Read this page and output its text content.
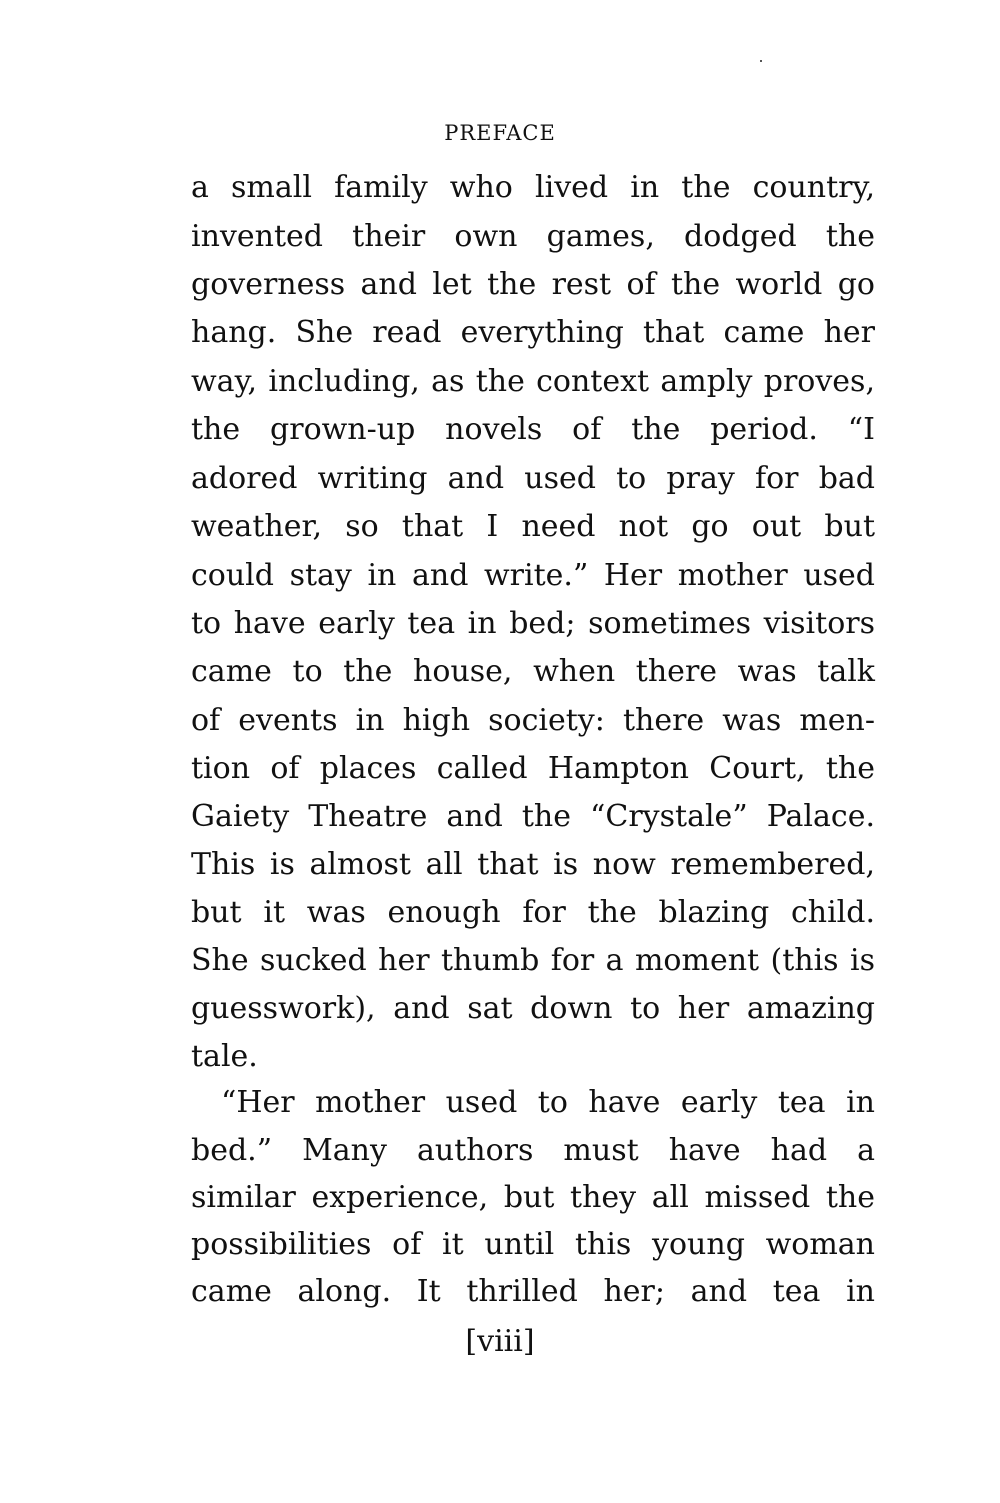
PREFACE
a small family who lived in the country,
invented their own games, dodged the
governess and let the rest of the world go
hang. She read everything that came her
way, including, as the context amply proves,
the grown-up novels of the period. “I
adored writing and used to pray for bad
weather, so that I need not go out but
could stay in and write.” Her mother used
to have early tea in bed; sometimes visitors
came to the house, when there was talk
of events in high society: there was men-
tion of places called Hampton Court, the
Gaiety Theatre and the “Crystale” Palace.
This is almost all that is now remembered,
but it was enough for the blazing child.
She sucked her thumb for a moment (this is
guesswork), and sat down to her amazing
tale.
“Her mother used to have early tea in
bed.” Many authors must have had a
similar experience, but they all missed the
possibilities of it until this young woman
came along. It thrilled her; and tea in
[viii]
